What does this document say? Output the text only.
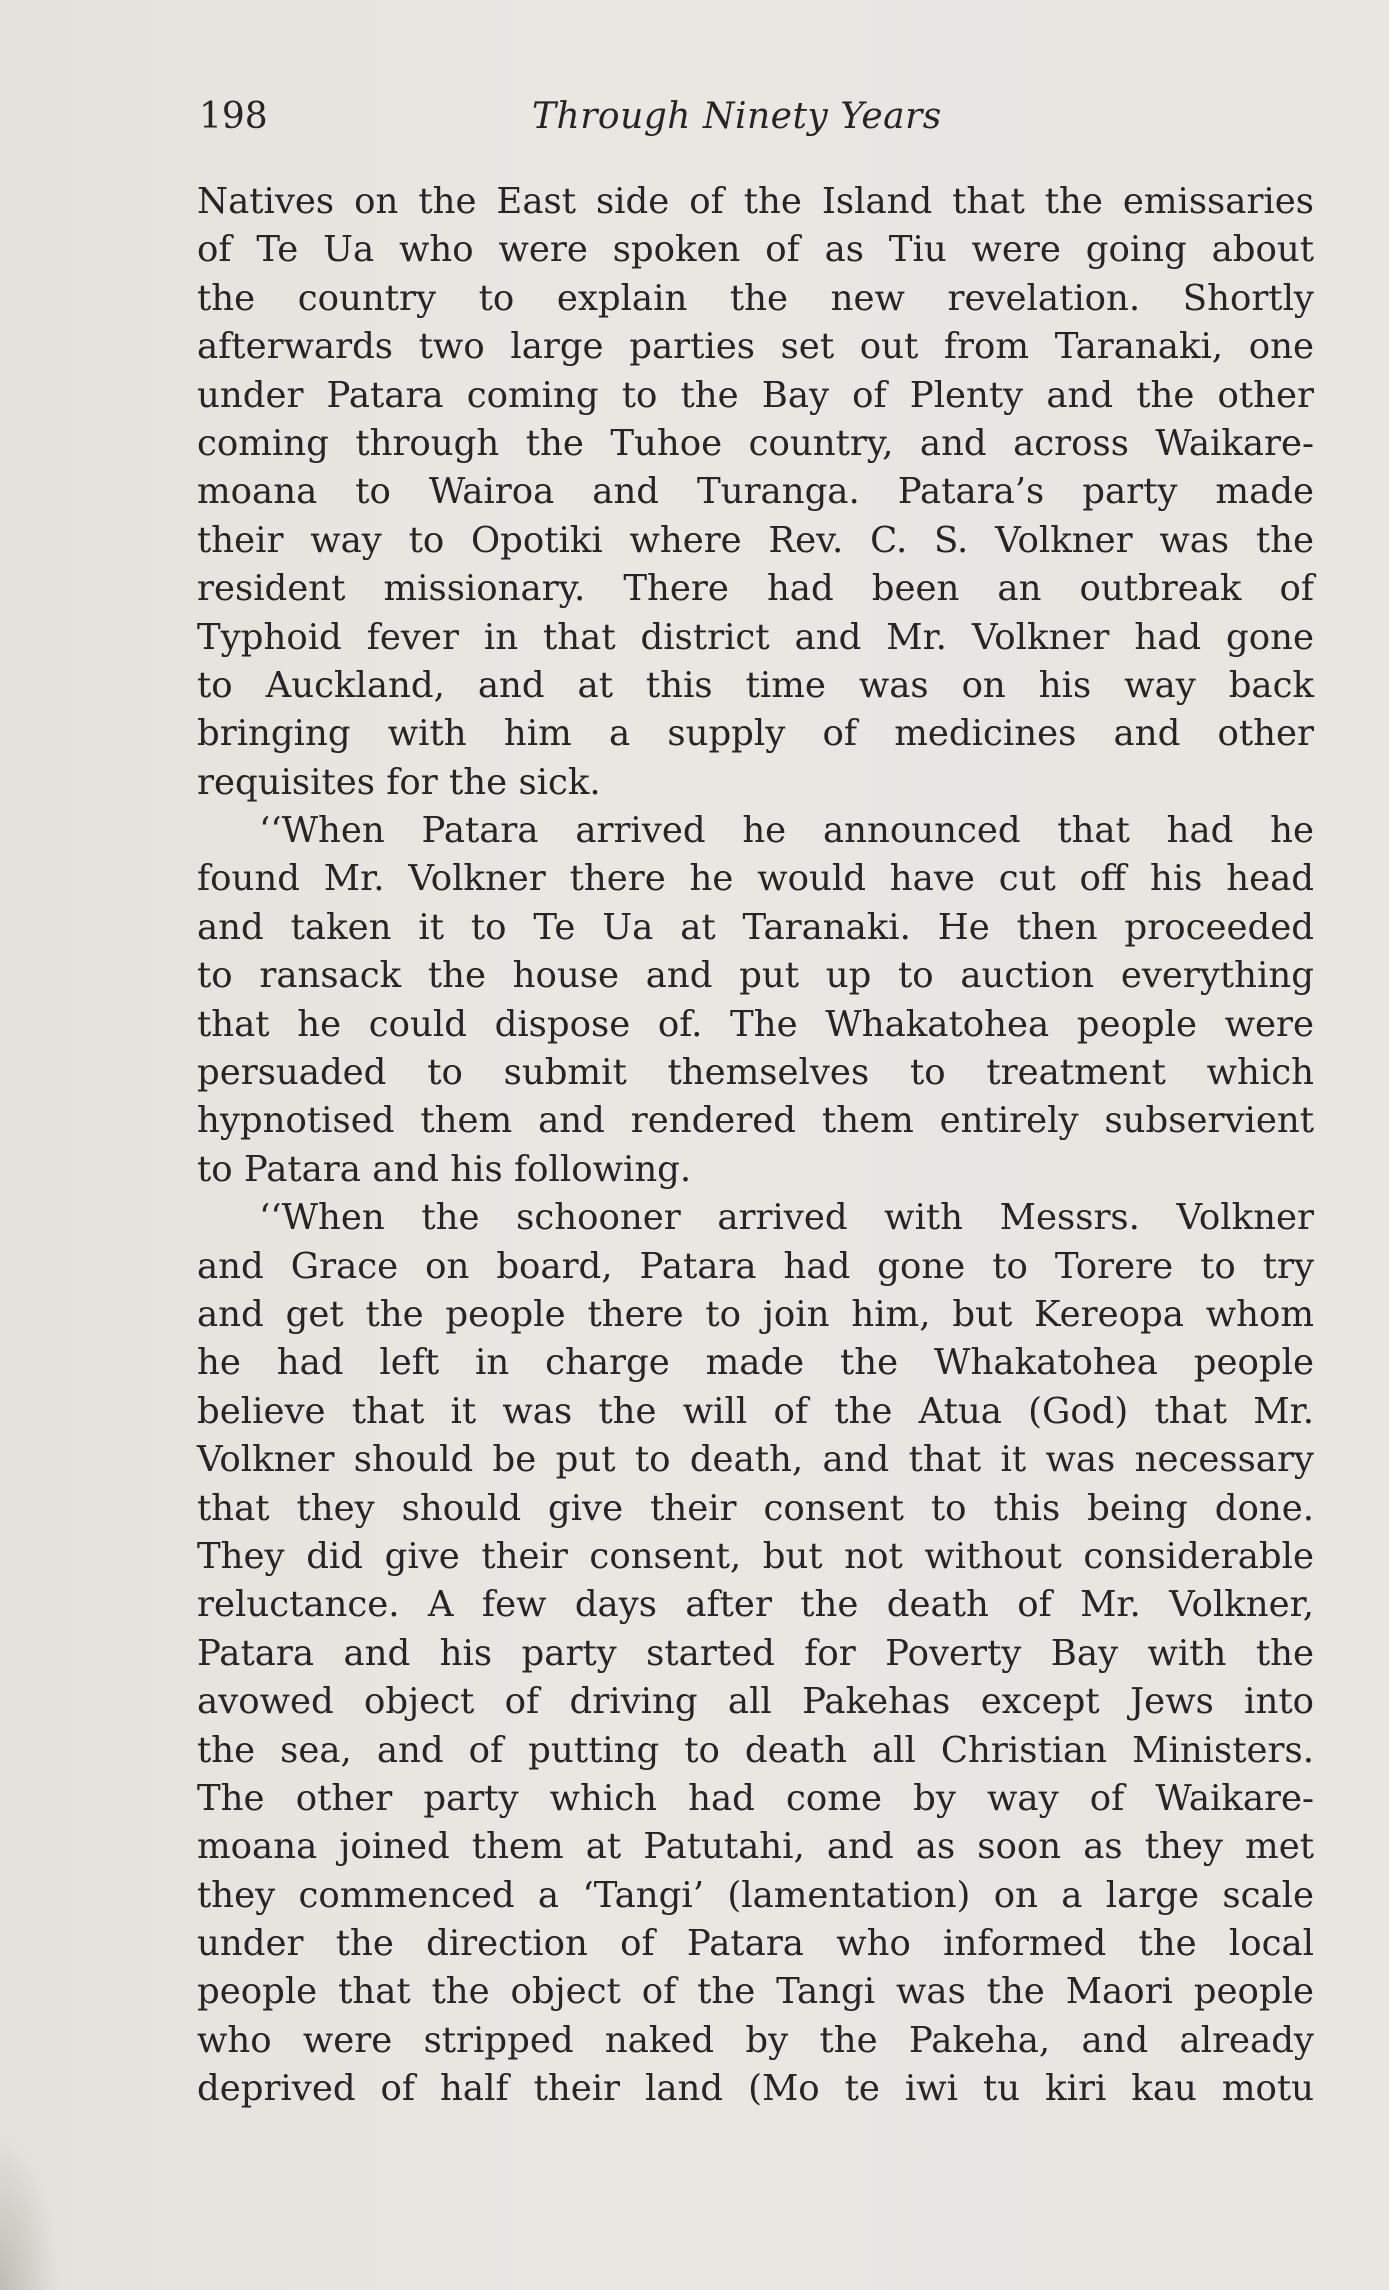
198	Through Ninety Years
Natives on the East side of the Island that the emissaries
of Te Ua who were spoken of as Tiu were going about
the country to explain the new revelation. Shortly
afterwards two large parties set out from Taranaki, one
under Patara coming to the Bay of Plenty and the other
coming through the Tuhoe country, and across Waikare-
moana to Wairoa and Turanga. Patara’s party made
their way to Opotiki where Rev. C. S. Volkner was the
resident missionary. There had been an outbreak of
Typhoid fever in that district and Mr. Volkner had gone
to Auckland, and at this time was on his way back
bringing with him a supply of medicines and other
requisites for the sick.
‘‘When Patara arrived he announced that had he
found Mr. Volkner there he would have cut off his head
and taken it to Te Ua at Taranaki. He then proceeded
to ransack the house and put up to auction everything
that he could dispose of. The Whakatohea people were
persuaded to submit themselves to treatment which
hypnotised them and rendered them entirely subservient
to Patara and his following.
‘‘When the schooner arrived with Messrs. Volkner
and Grace on board, Patara had gone to Torere to try
and get the people there to join him, but Kereopa whom
he had left in charge made the Whakatohea people
believe that it was the will of the Atua (God) that Mr.
Volkner should be put to death, and that it was necessary
that they should give their consent to this being done.
They did give their consent, but not without considerable
reluctance. A few days after the death of Mr. Volkner,
Patara and his party started for Poverty Bay with the
avowed object of driving all Pakehas except Jews into
the sea, and of putting to death all Christian Ministers.
The other party which had come by way of Waikare-
moana joined them at Patutahi, and as soon as they met
they commenced a ‘Tangi’ (lamentation) on a large scale
under the direction of Patara who informed the local
people that the object of the Tangi was the Maori people
who were stripped naked by the Pakeha, and already
deprived of half their land (Mo te iwi tu kiri kau motu
